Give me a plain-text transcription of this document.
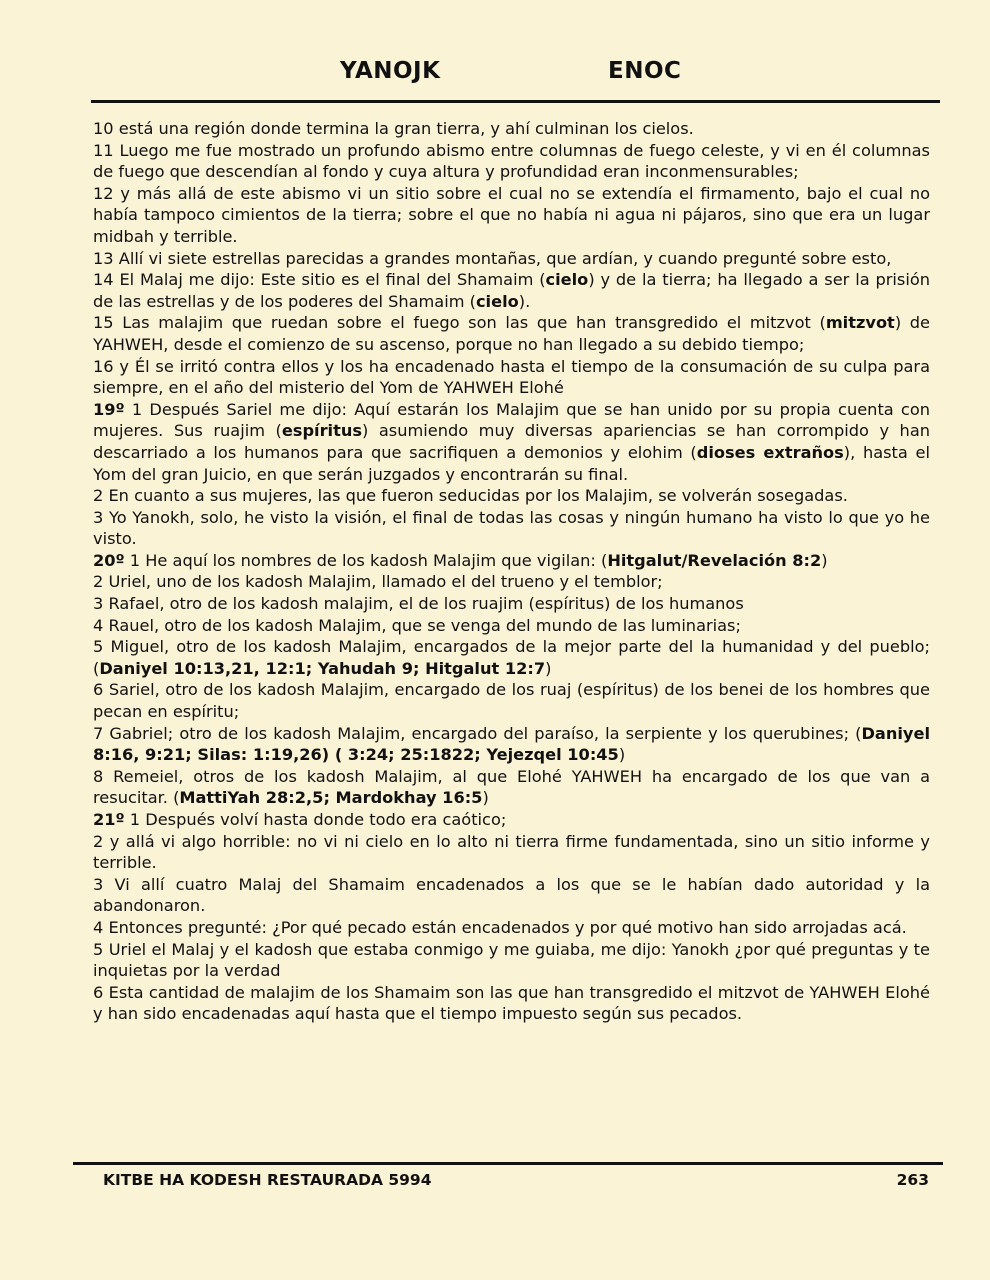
YANOJK	ENOC

10 está una región donde termina la gran tierra, y ahí culminan los cielos.

11 Luego me fue mostrado un profundo abismo entre columnas de fuego celeste, y vi en él columnas de fuego que descendían al fondo y cuya altura y profundidad eran inconmensurables;

12 y más allá de este abismo vi un sitio sobre el cual no se extendía el firmamento, bajo el cual no había tampoco cimientos de la tierra; sobre el que no había ni agua ni pájaros, sino que era un lugar midbah y terrible.

13 Allí vi siete estrellas parecidas a grandes montañas, que ardían, y cuando pregunté sobre esto,

14 El Malaj me dijo: Este sitio es el final del Shamaim (cielo) y de la tierra; ha llegado a ser la prisión de las estrellas y de los poderes del Shamaim (cielo).

15 Las malajim que ruedan sobre el fuego son las que han transgredido el mitzvot (mitzvot) de YAHWEH, desde el comienzo de su ascenso, porque no han llegado a su debido tiempo;

16 y Él se irritó contra ellos y los ha encadenado hasta el tiempo de la consumación de su culpa para siempre, en el año del misterio del Yom de YAHWEH Elohé

19º 1 Después Sariel me dijo: Aquí estarán los Malajim que se han unido por su propia cuenta con mujeres. Sus ruajim (espíritus) asumiendo muy diversas apariencias se han corrompido y han descarriado a los humanos para que sacrifiquen a demonios y elohim (dioses extraños), hasta el Yom del gran Juicio, en que serán juzgados y encontrarán su final.

2 En cuanto a sus mujeres, las que fueron seducidas por los Malajim, se volverán sosegadas.

3 Yo Yanokh, solo, he visto la visión, el final de todas las cosas y ningún humano ha visto lo que yo he visto.

20º 1 He aquí los nombres de los kadosh Malajim que vigilan: (Hitgalut/Revelación 8:2)

2 Uriel, uno de los kadosh Malajim, llamado el del trueno y el temblor;

3 Rafael, otro de los kadosh malajim, el de los ruajim (espíritus) de los humanos

4 Rauel, otro de los kadosh Malajim, que se venga del mundo de las luminarias;

5 Miguel, otro de los kadosh Malajim, encargados de la mejor parte del la humanidad y del pueblo; (Daniyel 10:13,21, 12:1; Yahudah 9; Hitgalut 12:7)

6 Sariel, otro de los kadosh Malajim, encargado de los ruaj (espíritus) de los benei de los hombres que pecan en espíritu;

7 Gabriel; otro de los kadosh Malajim, encargado del paraíso, la serpiente y los querubines; (Daniyel 8:16, 9:21; Silas: 1:19,26) ( 3:24; 25:1822; Yejezqel 10:45)

8 Remeiel, otros de los kadosh Malajim, al que Elohé YAHWEH ha encargado de los que van a resucitar. (MattiYah 28:2,5; Mardokhay 16:5)

21º 1 Después volví hasta donde todo era caótico;

2 y allá vi algo horrible: no vi ni cielo en lo alto ni tierra firme fundamentada, sino un sitio informe y terrible.

3 Vi allí cuatro Malaj del Shamaim encadenados a los que se le habían dado autoridad y la abandonaron.

4 Entonces pregunté: ¿Por qué pecado están encadenados y por qué motivo han sido arrojadas acá.

5 Uriel el Malaj y el kadosh que estaba conmigo y me guiaba, me dijo: Yanokh ¿por qué preguntas y te inquietas por la verdad

6 Esta cantidad de malajim de los Shamaim son las que han transgredido el mitzvot de YAHWEH Elohé y han sido encadenadas aquí hasta que el tiempo impuesto según sus pecados.

KITBE HA KODESH RESTAURADA 5994	263
